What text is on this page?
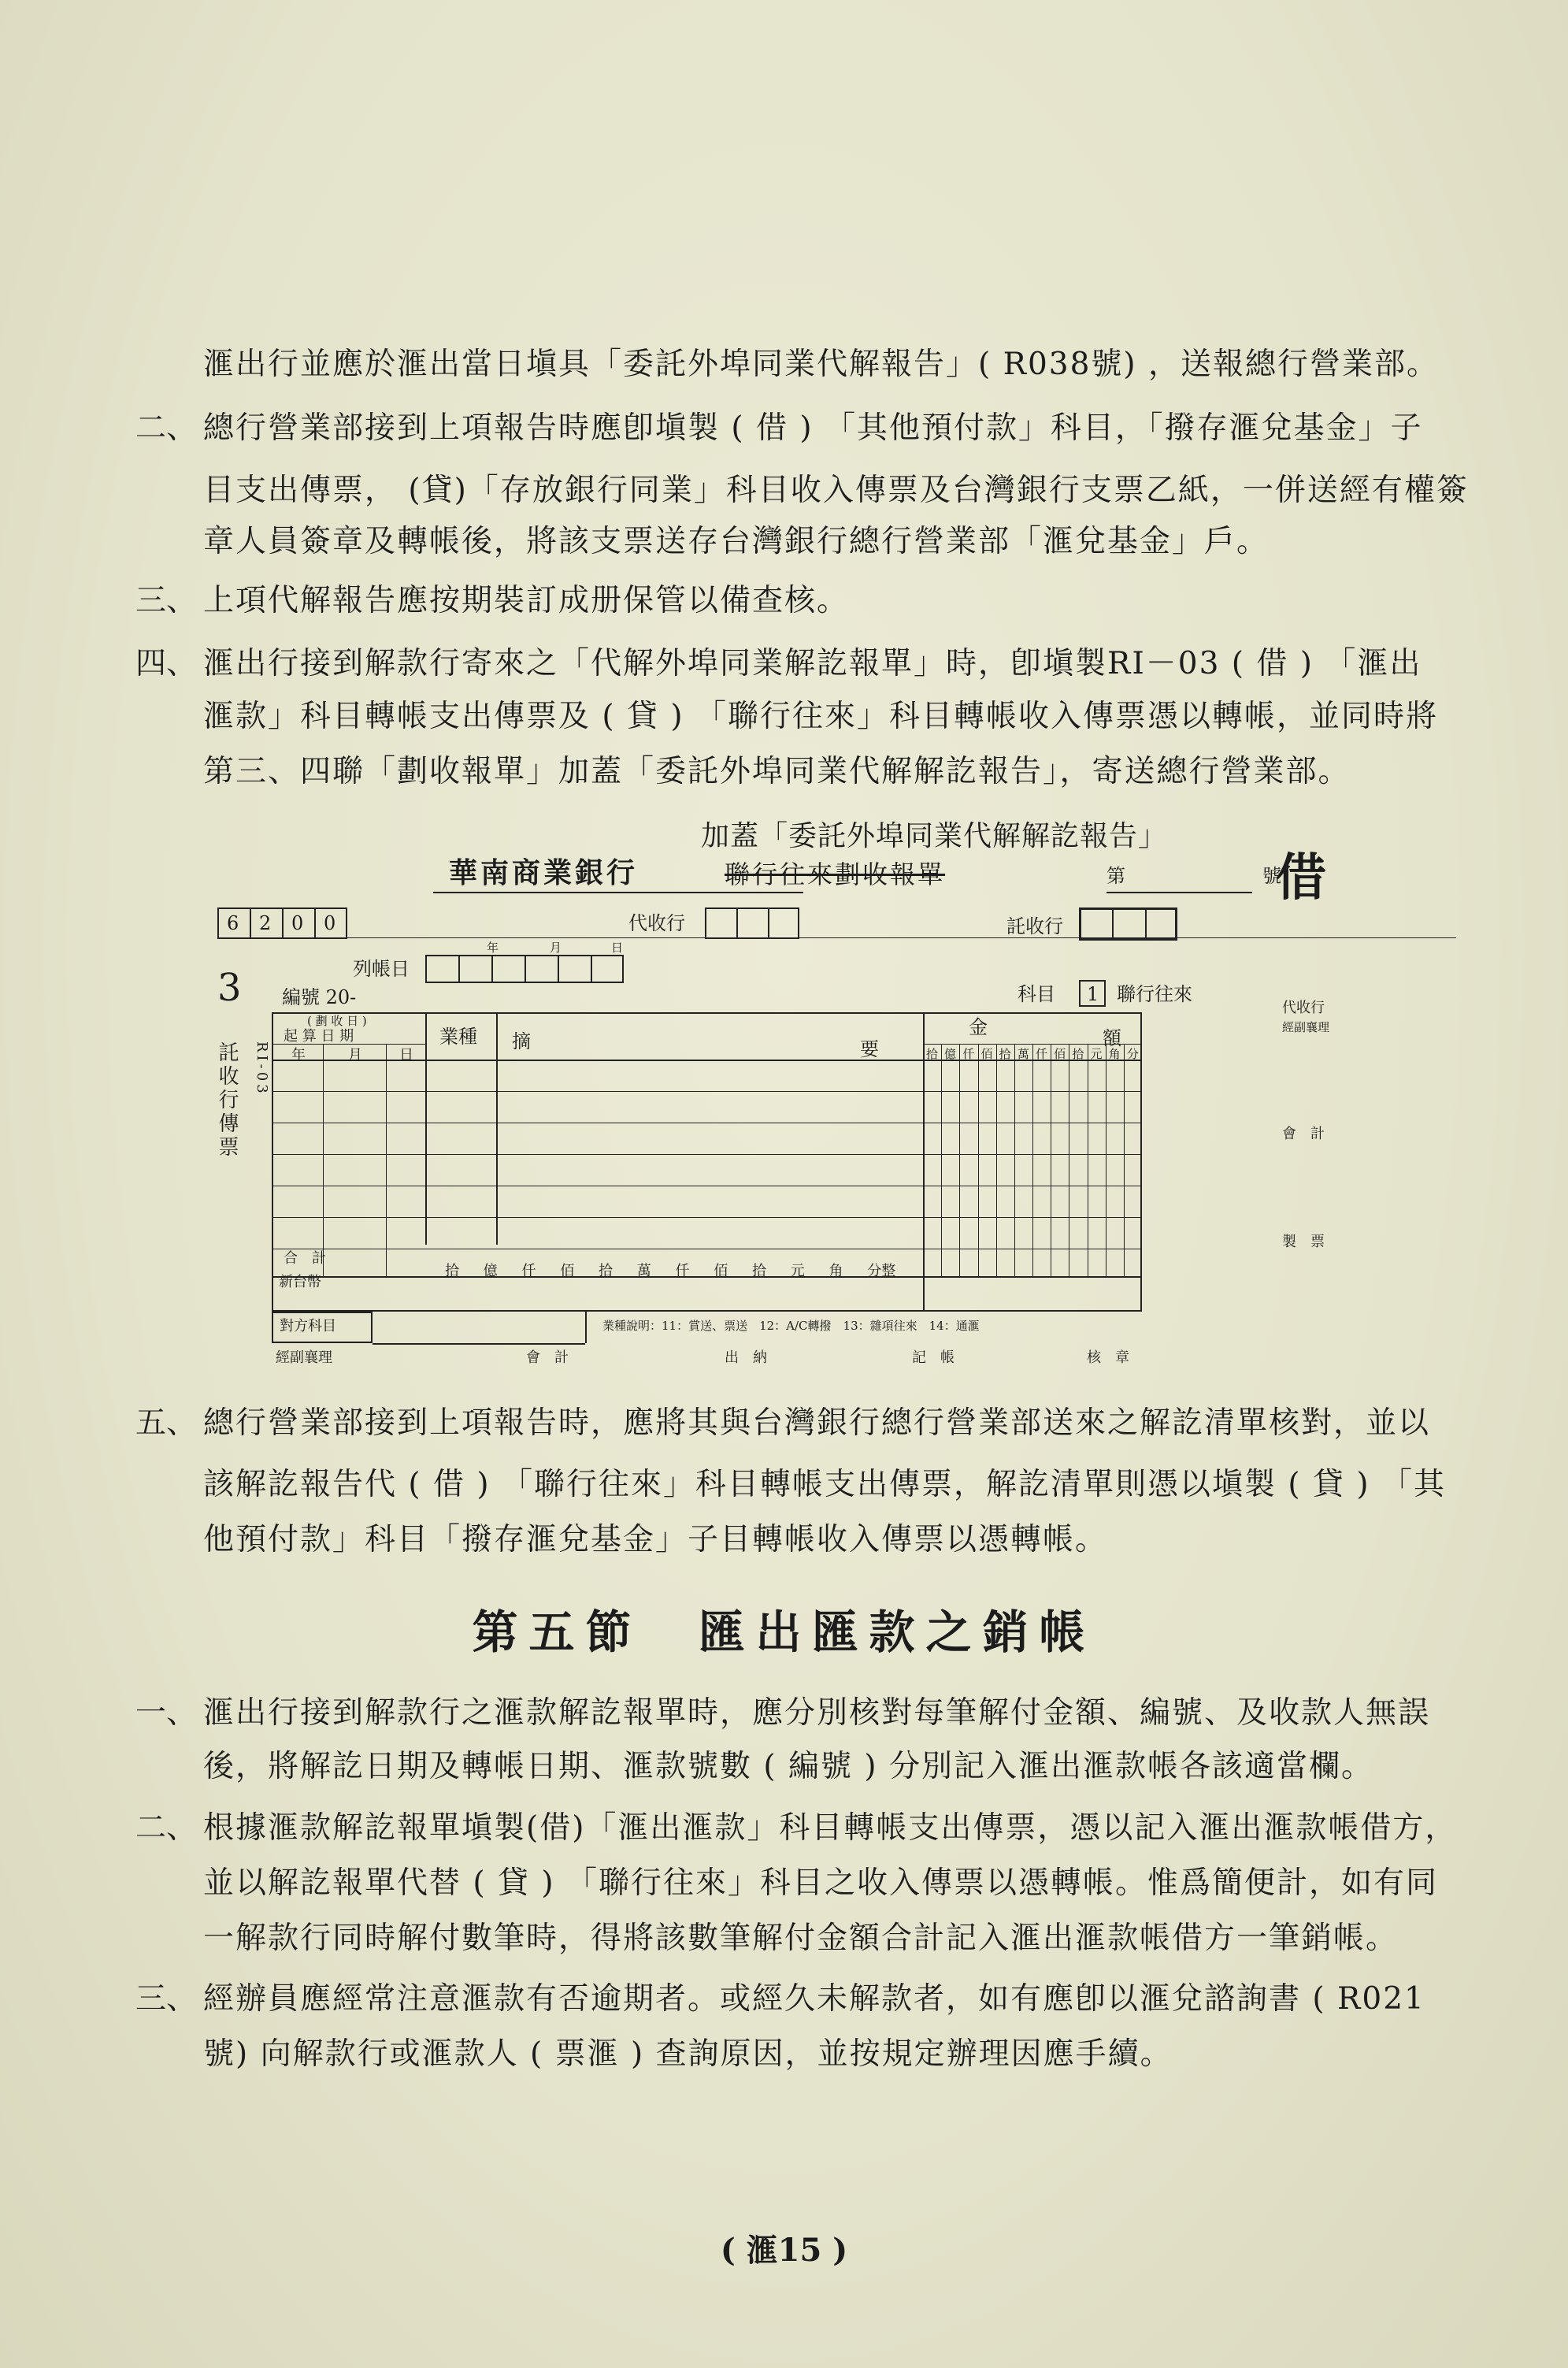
滙出行並應於滙出當日塡具「委託外埠同業代解報告」( R038號) ，送報總行營業部。
二、 總行營業部接到上項報告時應卽塡製 ( 借 ) 「其他預付款」科目，「撥存滙兌基金」子
目支出傳票， (貸)「存放銀行同業」科目收入傳票及台灣銀行支票乙紙，一併送經有權簽
章人員簽章及轉帳後，將該支票送存台灣銀行總行營業部「滙兌基金」戶。
三、 上項代解報告應按期裝訂成册保管以備查核。
四、 滙出行接到解款行寄來之「代解外埠同業解訖報單」時，卽塡製RI－03 ( 借 ) 「滙出
滙款」科目轉帳支出傳票及 ( 貸 ) 「聯行往來」科目轉帳收入傳票憑以轉帳，並同時將
第三、四聯「劃收報單」加蓋「委託外埠同業代解解訖報告」，寄送總行營業部。
加蓋「委託外埠同業代解解訖報告」
華南商業銀行	聯行往來劃收報單	第	號
借
6 2 0 0	代收行	託收行
年	月	日
3	列帳日
編號 20-	科目 1 聯行往來
託收行傳票 RI-03
( 劃 收 日 )
起 算 日 期
年	月	日
業種 摘	要
金	額
拾 億 仟 佰 拾 萬 仟 佰 拾 元 角 分
合　計
新台幣
拾 億 仟 佰 拾 萬 仟 佰 拾 元 角 分整
對方科目	業種說明：11：賞送、票送　12：A/C轉撥　13：雜項往來　14：通滙
代收行
經副襄理
會　計
製　票
經副襄理	會　計	出　納	記　帳	核　章
五、 總行營業部接到上項報告時，應將其與台灣銀行總行營業部送來之解訖清單核對，並以
該解訖報告代 ( 借 ) 「聯行往來」科目轉帳支出傳票，解訖清單則憑以塡製 ( 貸 ) 「其
他預付款」科目「撥存滙兌基金」子目轉帳收入傳票以憑轉帳。
第五節　匯出匯款之銷帳
一、 滙出行接到解款行之滙款解訖報單時，應分別核對每筆解付金額、編號、及收款人無誤
後，將解訖日期及轉帳日期、滙款號數 ( 編號 ) 分別記入滙出滙款帳各該適當欄。
二、 根據滙款解訖報單塡製(借)「滙出滙款」科目轉帳支出傳票，憑以記入滙出滙款帳借方，
並以解訖報單代替 ( 貸 ) 「聯行往來」科目之收入傳票以憑轉帳。惟爲簡便計，如有同
一解款行同時解付數筆時，得將該數筆解付金額合計記入滙出滙款帳借方一筆銷帳。
三、 經辦員應經常注意滙款有否逾期者。或經久未解款者，如有應卽以滙兌諮詢書 ( R021
號) 向解款行或滙款人 ( 票滙 ) 查詢原因，並按規定辦理因應手續。
( 滙15 )
